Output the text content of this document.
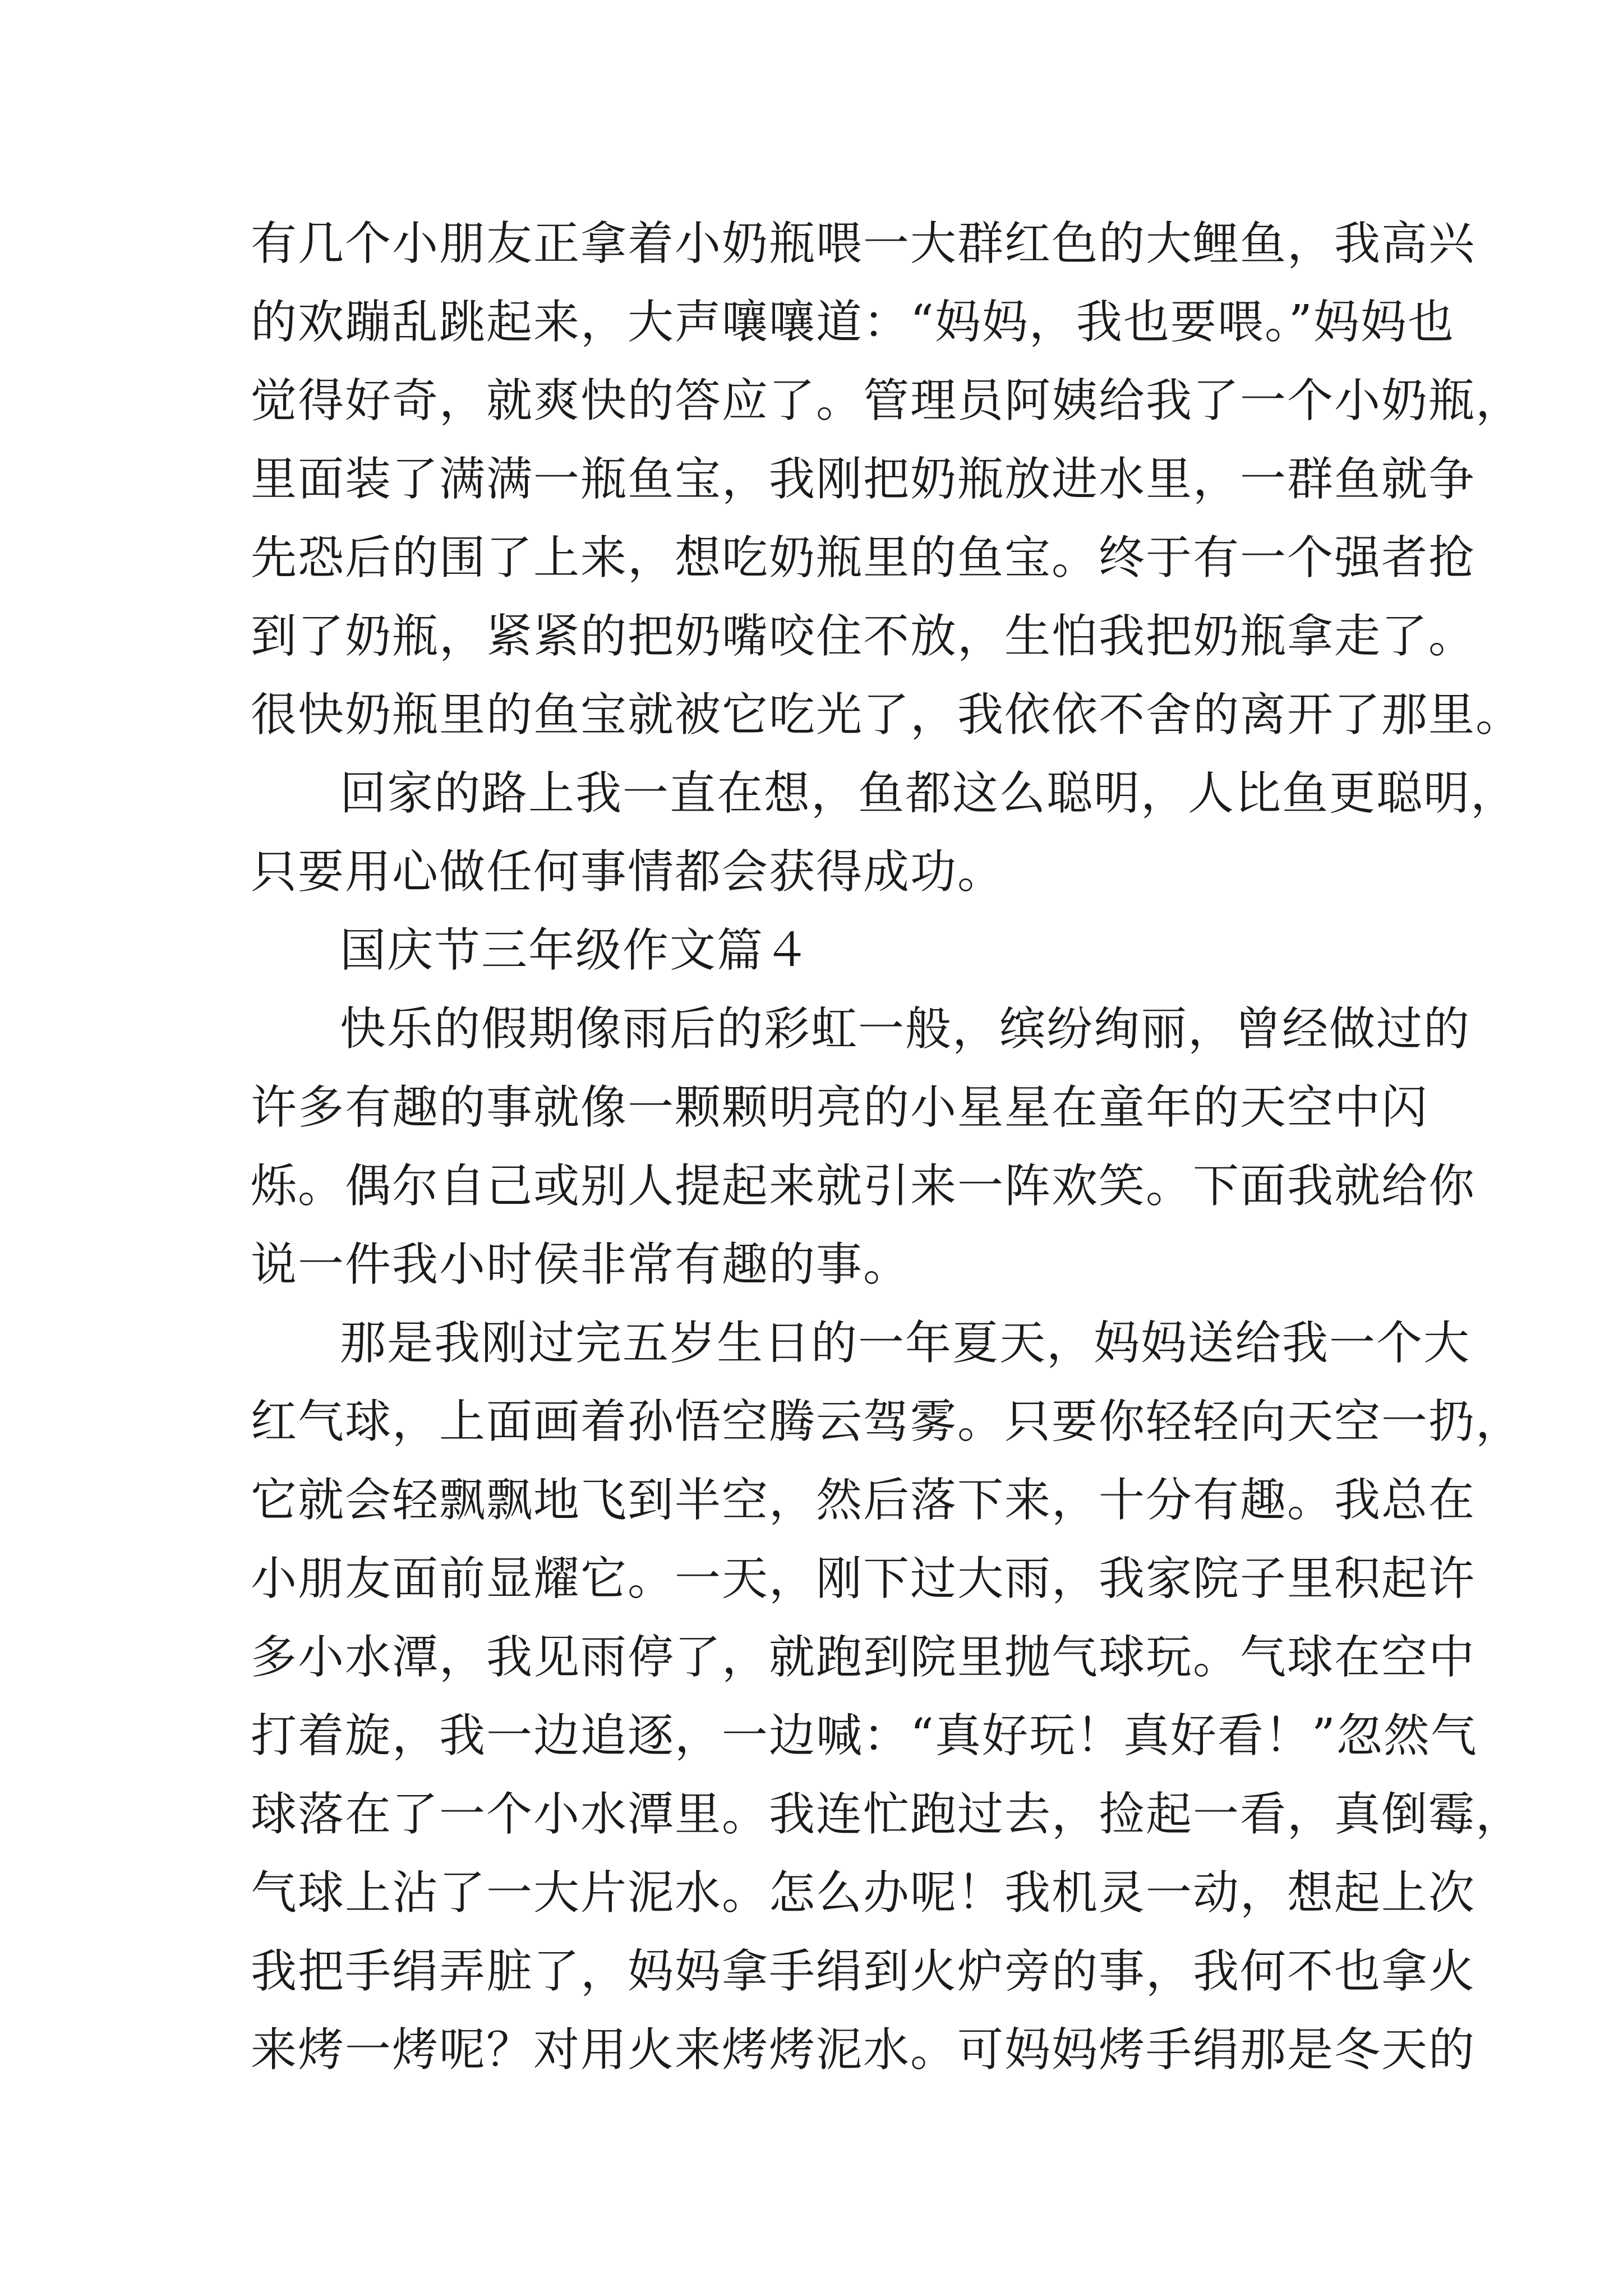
有几个小朋友正拿着小奶瓶喂一大群红色的大鲤鱼，我高兴
的欢蹦乱跳起来，大声嚷嚷道：“妈妈，我也要喂。”妈妈也
觉得好奇，就爽快的答应了。管理员阿姨给我了一个小奶瓶，
里面装了满满一瓶鱼宝，我刚把奶瓶放进水里，一群鱼就争
先恐后的围了上来，想吃奶瓶里的鱼宝。终于有一个强者抢
到了奶瓶，紧紧的把奶嘴咬住不放，生怕我把奶瓶拿走了。
很快奶瓶里的鱼宝就被它吃光了，我依依不舍的离开了那里。
回家的路上我一直在想，鱼都这么聪明，人比鱼更聪明，
只要用心做任何事情都会获得成功。
国庆节三年级作文篇４
快乐的假期像雨后的彩虹一般，缤纷绚丽，曾经做过的
许多有趣的事就像一颗颗明亮的小星星在童年的天空中闪
烁。偶尔自己或别人提起来就引来一阵欢笑。下面我就给你
说一件我小时侯非常有趣的事。
那是我刚过完五岁生日的一年夏天，妈妈送给我一个大
红气球，上面画着孙悟空腾云驾雾。只要你轻轻向天空一扔，
它就会轻飘飘地飞到半空，然后落下来，十分有趣。我总在
小朋友面前显耀它。一天，刚下过大雨，我家院子里积起许
多小水潭，我见雨停了，就跑到院里抛气球玩。气球在空中
打着旋，我一边追逐，一边喊：“真好玩！真好看！”忽然气
球落在了一个小水潭里。我连忙跑过去，捡起一看，真倒霉，
气球上沾了一大片泥水。怎么办呢！我机灵一动，想起上次
我把手绢弄脏了，妈妈拿手绢到火炉旁的事，我何不也拿火
来烤一烤呢？对用火来烤烤泥水。可妈妈烤手绢那是冬天的
